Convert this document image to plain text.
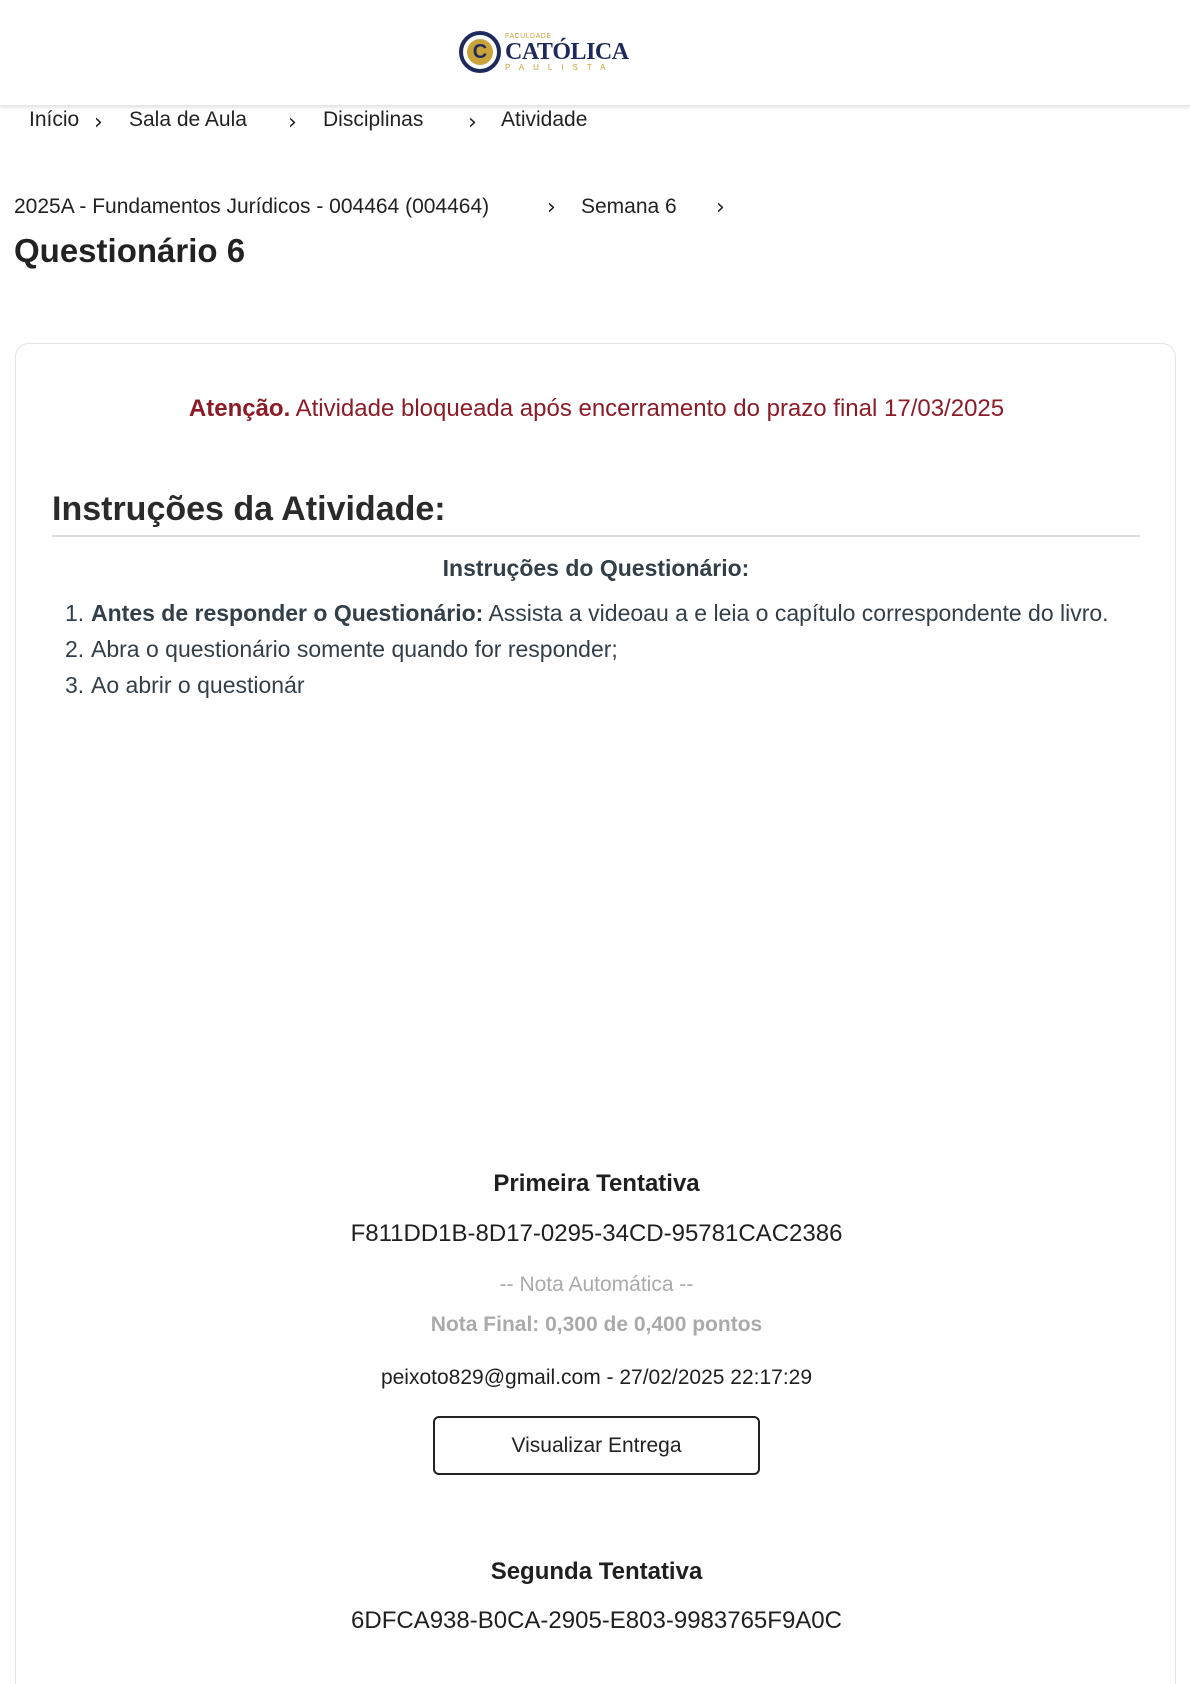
C
FACULDADE
CATÓLICA
PAULISTA
Início › Sala de Aula › Disciplinas › Atividade
2025A - Fundamentos Jurídicos - 004464 (004464)	› Semana 6 ›
Questionário 6
Atenção. Atividade bloqueada após encerramento do prazo final 17/03/2025
Instruções da Atividade:
Instruções do Questionário:
1. Antes de responder o Questionário: Assista a videoau a e leia o capítulo correspondente do livro.
2. Abra o questionário somente quando for responder;
3. Ao abrir o questionár
Primeira Tentativa
F811DD1B-8D17-0295-34CD-95781CAC2386
-- Nota Automática --
Nota Final: 0,300 de 0,400 pontos
peixoto829@gmail.com - 27/02/2025 22:17:29
Visualizar Entrega
Segunda Tentativa
6DFCA938-B0CA-2905-E803-9983765F9A0C
